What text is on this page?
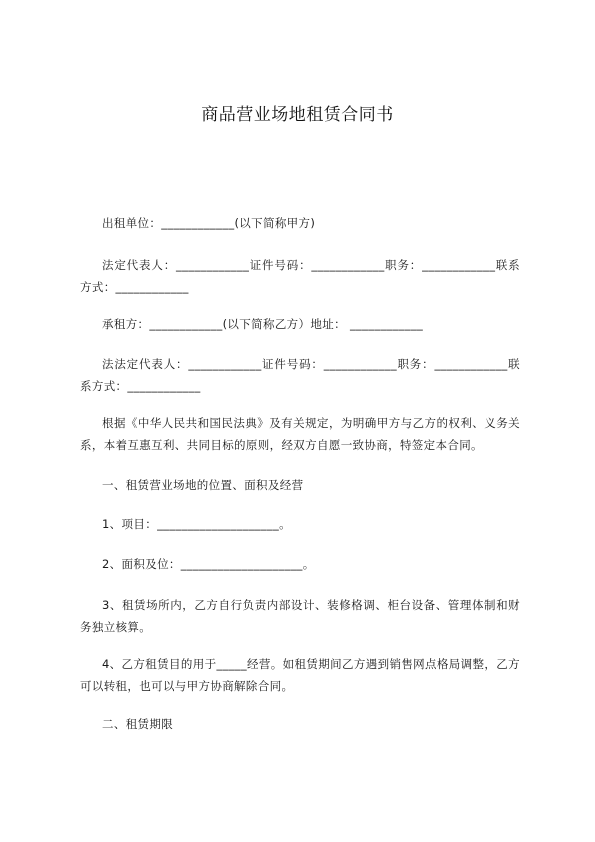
商品营业场地租赁合同书

出租单位：____________(以下简称甲方)

法定代表人：____________证件号码：____________职务：____________联系方式：____________

承租方：____________(以下简称乙方）地址： ____________

法法定代表人：____________证件号码：____________职务：____________联系方式：____________

根据《中华人民共和国民法典》及有关规定，为明确甲方与乙方的权利、义务关系，本着互惠互利、共同目标的原则，经双方自愿一致协商，特签定本合同。

一、租赁营业场地的位置、面积及经营

1、项目：____________________。

2、面积及位：____________________。

3、租赁场所内，乙方自行负责内部设计、装修格调、柜台设备、管理体制和财务独立核算。

4、乙方租赁目的用于_____经营。如租赁期间乙方遇到销售网点格局调整，乙方可以转租，也可以与甲方协商解除合同。

二、租赁期限
